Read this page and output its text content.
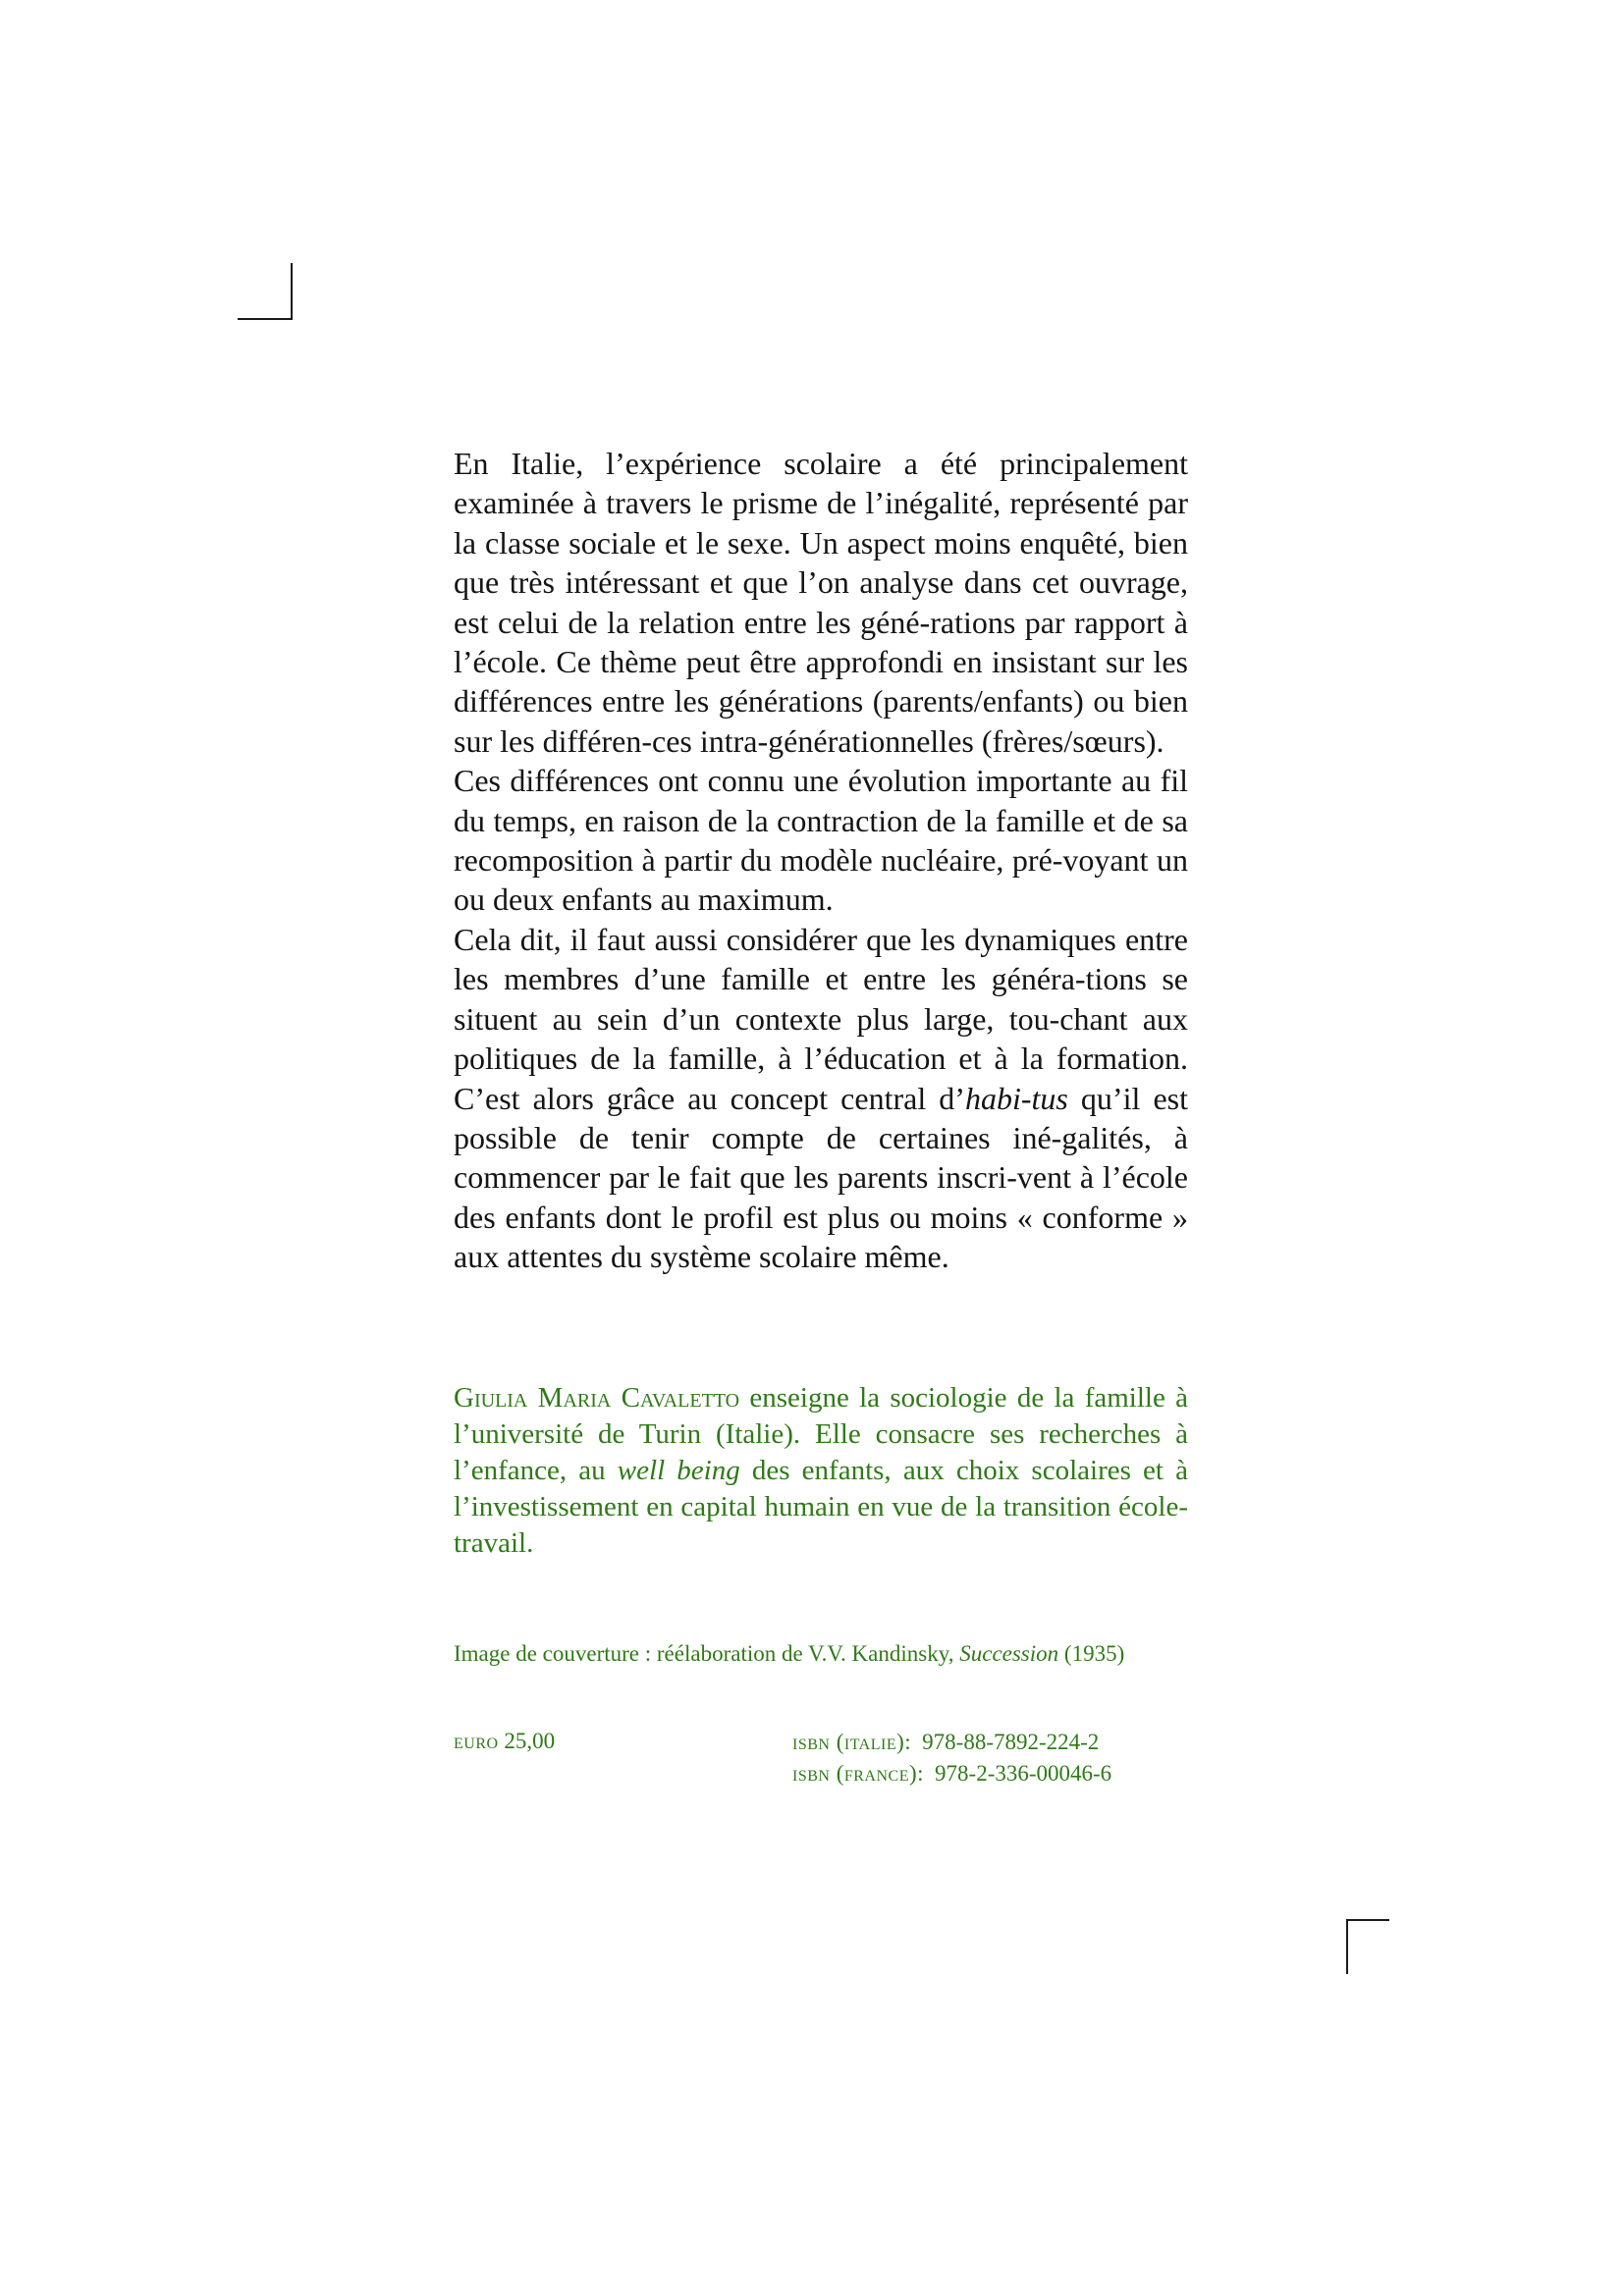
En Italie, l’expérience scolaire a été principalement examinée à travers le prisme de l’inégalité, représenté par la classe sociale et le sexe. Un aspect moins enquêté, bien que très intéressant et que l’on analyse dans cet ouvrage, est celui de la relation entre les géné-rations par rapport à l’école. Ce thème peut être approfondi en insistant sur les différences entre les générations (parents/enfants) ou bien sur les différen-ces intra-générationnelles (frères/sœurs).

Ces différences ont connu une évolution importante au fil du temps, en raison de la contraction de la famille et de sa recomposition à partir du modèle nucléaire, pré-voyant un ou deux enfants au maximum.

Cela dit, il faut aussi considérer que les dynamiques entre les membres d’une famille et entre les généra-tions se situent au sein d’un contexte plus large, tou-chant aux politiques de la famille, à l’éducation et à la formation. C’est alors grâce au concept central d’habi-tus qu’il est possible de tenir compte de certaines iné-galités, à commencer par le fait que les parents inscri-vent à l’école des enfants dont le profil est plus ou moins « conforme » aux attentes du système scolaire même.

Giulia Maria Cavaletto enseigne la sociologie de la famille à l’université de Turin (Italie). Elle consacre ses recherches à l’enfance, au well being des enfants, aux choix scolaires et à l’investissement en capital humain en vue de la transition école-travail.
Image de couverture : réélaboration de V.V. Kandinsky, Succession (1935)
euro 25,00	isbn (italie):  978-88-7892-224-2
isbn (france):  978-2-336-00046-6
